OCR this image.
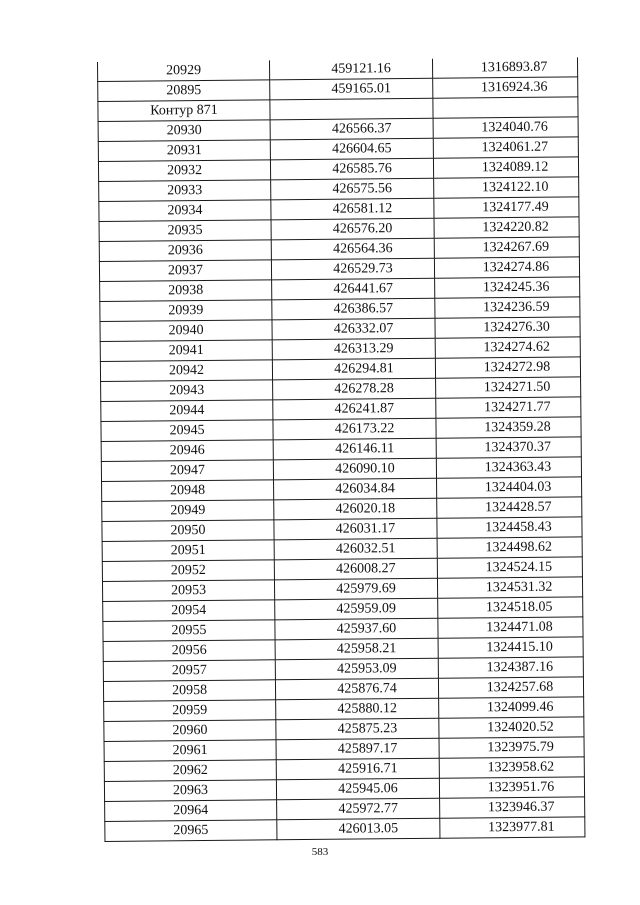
20929	459121.16	1316893.87
20895	459165.01	1316924.36
Контур 871		
20930	426566.37	1324040.76
20931	426604.65	1324061.27
20932	426585.76	1324089.12
20933	426575.56	1324122.10
20934	426581.12	1324177.49
20935	426576.20	1324220.82
20936	426564.36	1324267.69
20937	426529.73	1324274.86
20938	426441.67	1324245.36
20939	426386.57	1324236.59
20940	426332.07	1324276.30
20941	426313.29	1324274.62
20942	426294.81	1324272.98
20943	426278.28	1324271.50
20944	426241.87	1324271.77
20945	426173.22	1324359.28
20946	426146.11	1324370.37
20947	426090.10	1324363.43
20948	426034.84	1324404.03
20949	426020.18	1324428.57
20950	426031.17	1324458.43
20951	426032.51	1324498.62
20952	426008.27	1324524.15
20953	425979.69	1324531.32
20954	425959.09	1324518.05
20955	425937.60	1324471.08
20956	425958.21	1324415.10
20957	425953.09	1324387.16
20958	425876.74	1324257.68
20959	425880.12	1324099.46
20960	425875.23	1324020.52
20961	425897.17	1323975.79
20962	425916.71	1323958.62
20963	425945.06	1323951.76
20964	425972.77	1323946.37
20965	426013.05	1323977.81
583
